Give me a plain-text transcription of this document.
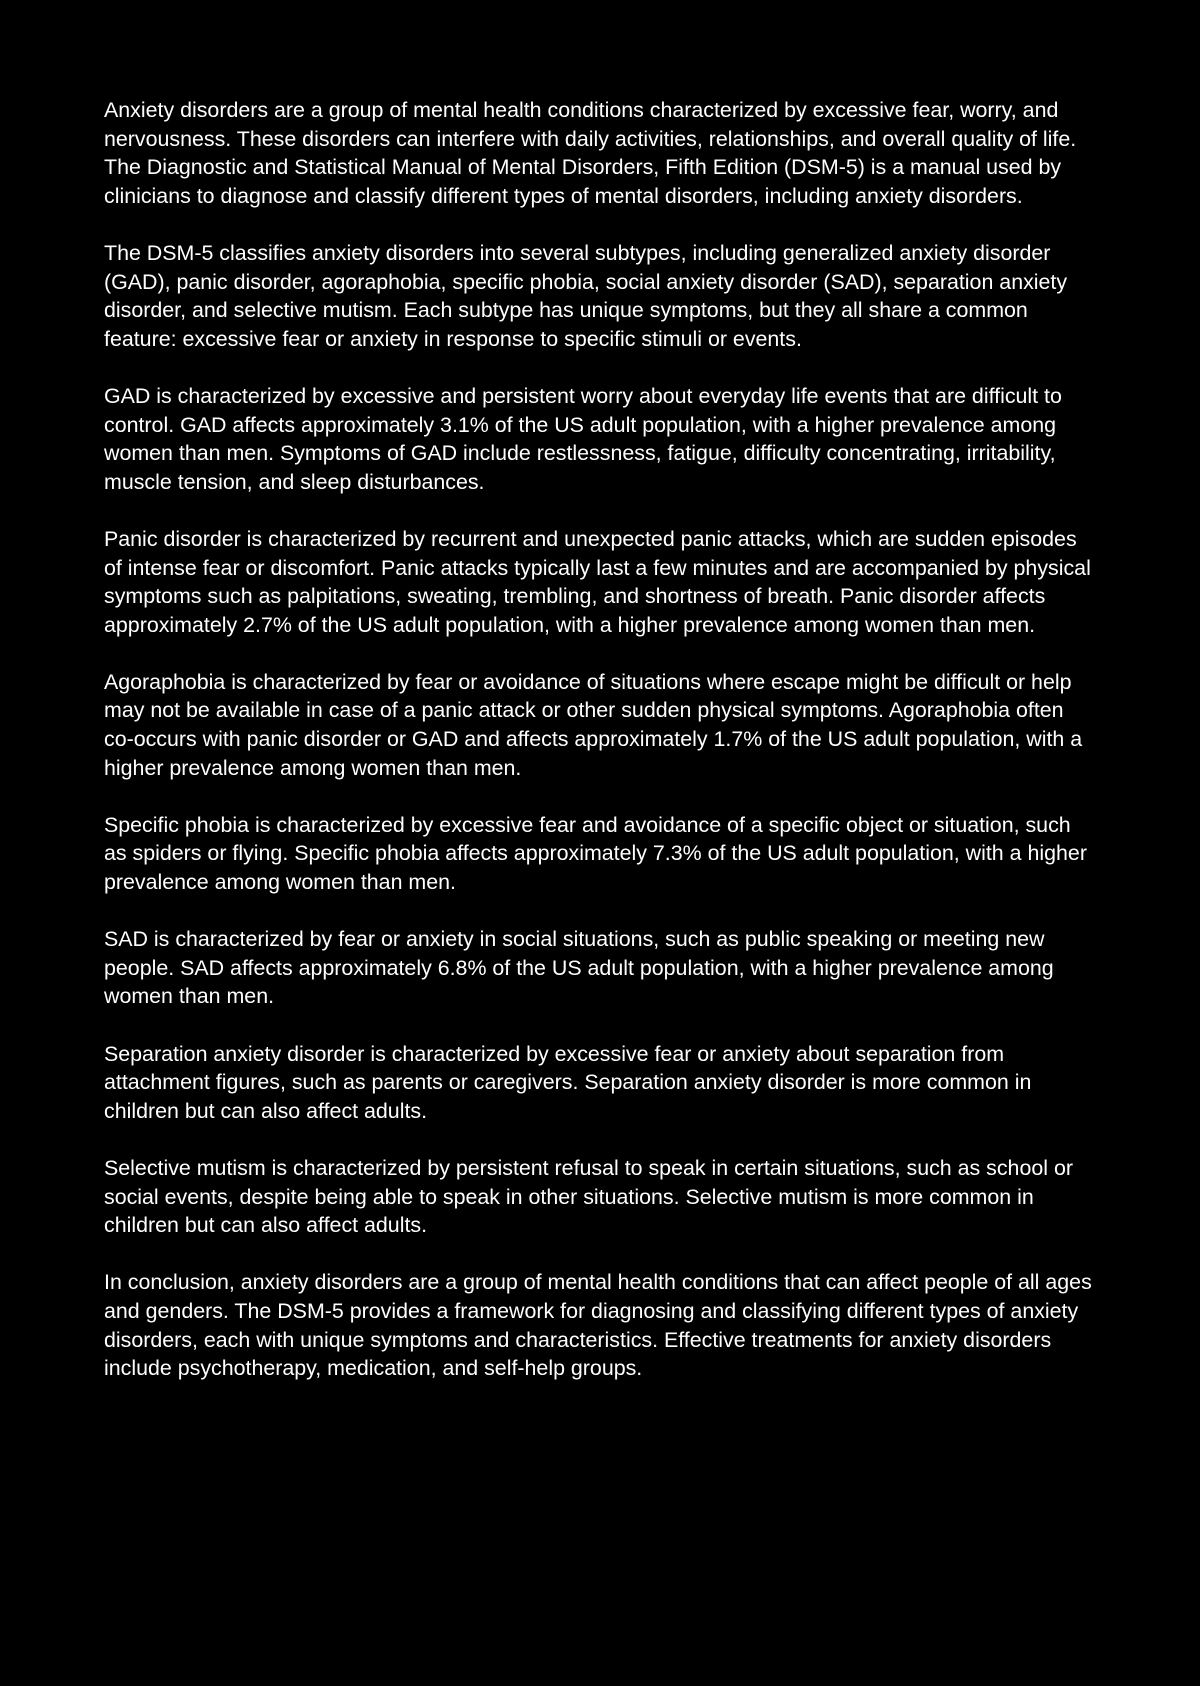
Anxiety disorders are a group of mental health conditions characterized by excessive fear, worry, and nervousness. These disorders can interfere with daily activities, relationships, and overall quality of life. The Diagnostic and Statistical Manual of Mental Disorders, Fifth Edition (DSM-5) is a manual used by clinicians to diagnose and classify different types of mental disorders, including anxiety disorders.

The DSM-5 classifies anxiety disorders into several subtypes, including generalized anxiety disorder (GAD), panic disorder, agoraphobia, specific phobia, social anxiety disorder (SAD), separation anxiety disorder, and selective mutism. Each subtype has unique symptoms, but they all share a common feature: excessive fear or anxiety in response to specific stimuli or events.

GAD is characterized by excessive and persistent worry about everyday life events that are difficult to control. GAD affects approximately 3.1% of the US adult population, with a higher prevalence among women than men. Symptoms of GAD include restlessness, fatigue, difficulty concentrating, irritability, muscle tension, and sleep disturbances.

Panic disorder is characterized by recurrent and unexpected panic attacks, which are sudden episodes of intense fear or discomfort. Panic attacks typically last a few minutes and are accompanied by physical symptoms such as palpitations, sweating, trembling, and shortness of breath. Panic disorder affects approximately 2.7% of the US adult population, with a higher prevalence among women than men.

Agoraphobia is characterized by fear or avoidance of situations where escape might be difficult or help may not be available in case of a panic attack or other sudden physical symptoms. Agoraphobia often co-occurs with panic disorder or GAD and affects approximately 1.7% of the US adult population, with a higher prevalence among women than men.

Specific phobia is characterized by excessive fear and avoidance of a specific object or situation, such as spiders or flying. Specific phobia affects approximately 7.3% of the US adult population, with a higher prevalence among women than men.

SAD is characterized by fear or anxiety in social situations, such as public speaking or meeting new people. SAD affects approximately 6.8% of the US adult population, with a higher prevalence among women than men.

Separation anxiety disorder is characterized by excessive fear or anxiety about separation from attachment figures, such as parents or caregivers. Separation anxiety disorder is more common in children but can also affect adults.

Selective mutism is characterized by persistent refusal to speak in certain situations, such as school or social events, despite being able to speak in other situations. Selective mutism is more common in children but can also affect adults.

In conclusion, anxiety disorders are a group of mental health conditions that can affect people of all ages and genders. The DSM-5 provides a framework for diagnosing and classifying different types of anxiety disorders, each with unique symptoms and characteristics. Effective treatments for anxiety disorders include psychotherapy, medication, and self-help groups.
